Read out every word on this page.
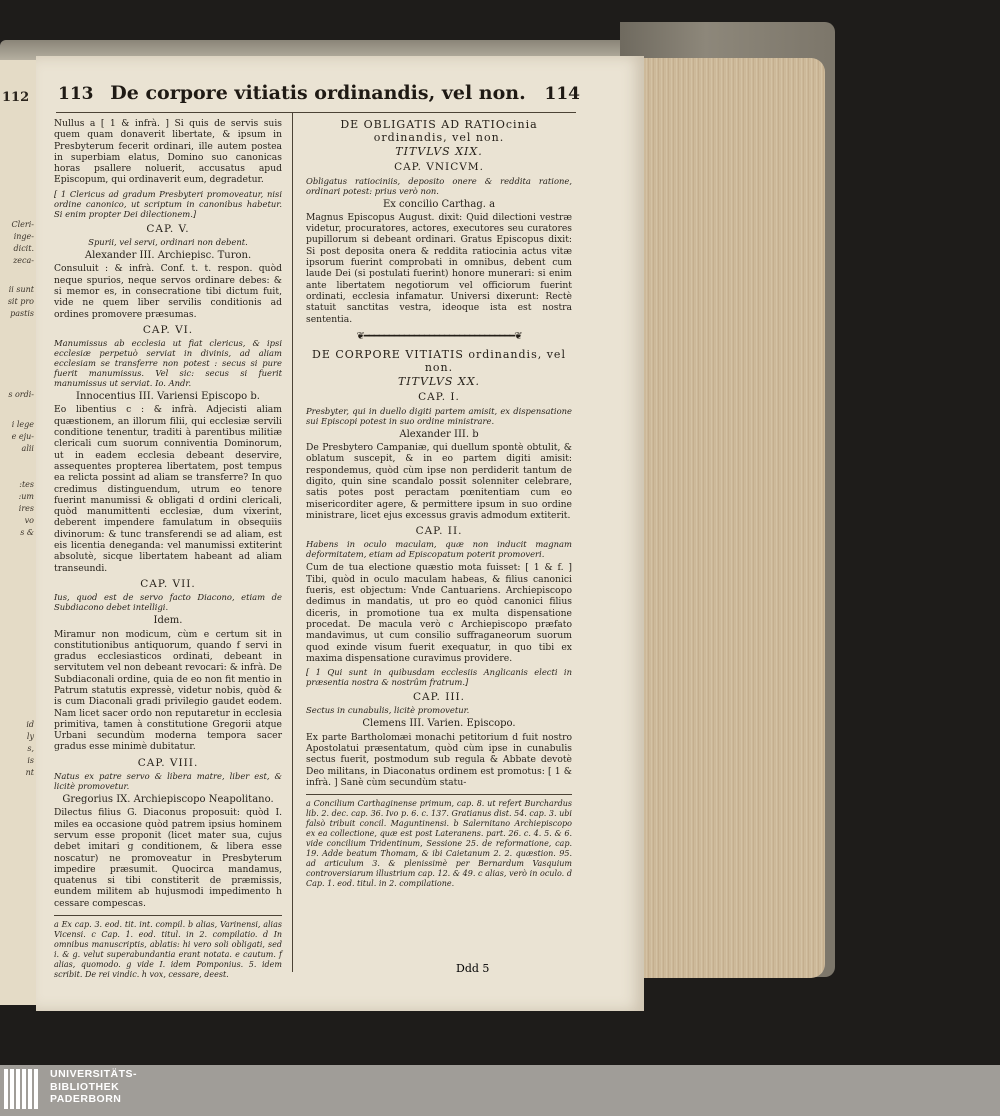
112
Cleri-
inge-
dicit.
zeca-
ii sunt
sit pro
pastis
s ordi-
i lege
e eju-
alii
:tes
:um
ires
vo
s &
id
ly
s,
is
nt
113 De corpore vitiatis ordinandis, vel non.	114

Nullus a [ 1 & infrà. ] Si quis de servis suis quem quam donaverit libertate, & ipsum in Presbyterum fecerit ordinari, ille autem postea in superbiam elatus, Domino suo canonicas horas psallere noluerit, accusatus apud Episcopum, qui ordinaverit eum, degradetur.

[ 1 Clericus ad gradum Presbyteri promoveatur, nisi ordine canonico, ut scriptum in canonibus habetur. Si enim propter Dei dilectionem.]

CAP. V.

Spurii, vel servi, ordinari non debent.

Alexander III. Archiepisc. Turon.

Consuluit : & infrà. Conf. t. t. respon. quòd neque spurios, neque servos ordinare debes: & si memor es, in consecratione tibi dictum fuit, vide ne quem liber servilis conditionis ad ordines promovere præsumas.

CAP. VI.

Manumissus ab ecclesia ut fiat clericus, & ipsi ecclesiæ perpetuò serviat in divinis, ad aliam ecclesiam se transferre non potest : secus si pure fuerit manumissus. Vel sic: secus si fuerit manumissus ut serviat. Io. Andr.

Innocentius III. Variensi Episcopo b.

Eo libentius c : & infrà. Adjecisti aliam quæstionem, an illorum filii, qui ecclesiæ servili conditione tenentur, traditi à parentibus militiæ clericali cum suorum conniventia Dominorum, ut in eadem ecclesia debeant deservire, assequentes propterea libertatem, post tempus ea relicta possint ad aliam se transferre? In quo credimus distinguendum, utrum eo tenore fuerint manumissi & obligati d ordini clericali, quòd manumittenti ecclesiæ, dum vixerint, deberent impendere famulatum in obsequiis divinorum: & tunc transferendi se ad aliam, est eis licentia deneganda: vel manumissi extiterint absolutè, sicque libertatem habeant ad aliam transeundi.

CAP. VII.

Ius, quod est de servo facto Diacono, etiam de Subdiacono debet intelligi.

Idem.

Miramur non modicum, cùm e certum sit in constitutionibus antiquorum, quando f servi in gradus ecclesiasticos ordinati, debeant in servitutem vel non debeant revocari: & infrà. De Subdiaconali ordine, quia de eo non fit mentio in Patrum statutis expressè, videtur nobis, quòd & is cum Diaconali gradi privilegio gaudet eodem. Nam licet sacer ordo non reputaretur in ecclesia primitiva, tamen à constitutione Gregorii atque Urbani secundùm moderna tempora sacer gradus esse minimè dubitatur.

CAP. VIII.

Natus ex patre servo & libera matre, liber est, & licitè promovetur.

Gregorius IX. Archiepiscopo Neapolitano.

Dilectus filius G. Diaconus proposuit: quòd I. miles ea occasione quòd patrem ipsius hominem servum esse proponit (licet mater sua, cujus debet imitari g conditionem, & libera esse noscatur) ne promoveatur in Presbyterum impedire præsumit. Quocirca mandamus, quatenus si tibi constiterit de præmissis, eundem militem ab hujusmodi impedimento h cessare compescas.

a Ex cap. 3. eod. tit. int. compil. b alias, Varinensi, alias Vicensi. c Cap. 1. eod. titul. in 2. compilatio. d In omnibus manuscriptis, ablatis: hi vero soli obligati, sed i. & g. velut superabundantia erant notata. e cautum. f alias, quomodo. g vide I. idem Pomponius. 5. idem scribit. De rei vindic. h vox, cessare, deest.

DE OBLIGATIS AD RATIOcinia ordinandis, vel non.

TITVLVS XIX.
CAP. VNICVM.

Obligatus ratiociniis, deposito onere & reddita ratione, ordinari potest: prius verò non.

Ex concilio Carthag. a

Magnus Episcopus August. dixit: Quid dilectioni vestræ videtur, procuratores, actores, executores seu curatores pupillorum si debeant ordinari. Gratus Episcopus dixit: Si post deposita onera & reddita ratiocinia actus vitæ ipsorum fuerint comprobati in omnibus, debent cum laude Dei (si postulati fuerint) honore munerari: si enim ante libertatem negotiorum vel officiorum fuerint ordinati, ecclesia infamatur. Universi dixerunt: Rectè statuit sanctitas vestra, ideoque ista est nostra sententia.

❦━━━━━━━━━━━━━━━━━━━━━━━━━━━━━━❦

DE CORPORE VITIATIS ordinandis, vel non.

TITVLVS XX.
CAP. I.

Presbyter, qui in duello digiti partem amisit, ex dispensatione sui Episcopi potest in suo ordine ministrare.

Alexander III. b

De Presbytero Campaniæ, qui duellum spontè obtulit, & oblatum suscepit, & in eo partem digiti amisit: respondemus, quòd cùm ipse non perdiderit tantum de digito, quin sine scandalo possit solenniter celebrare, satis potes post peractam pœnitentiam cum eo misericorditer agere, & permittere ipsum in suo ordine ministrare, licet ejus excessus gravis admodum extiterit.

CAP. II.

Habens in oculo maculam, quæ non inducit magnam deformitatem, etiam ad Episcopatum poterit promoveri.

Cum de tua electione quæstio mota fuisset: [ 1 & f. ] Tibi, quòd in oculo maculam habeas, & filius canonici fueris, est objectum: Vnde Cantuariens. Archiepiscopo dedimus in mandatis, ut pro eo quòd canonici filius diceris, in promotione tua ex multa dispensatione procedat. De macula verò c Archiepiscopo præfato mandavimus, ut cum consilio suffraganeorum suorum quod exinde visum fuerit exequatur, in quo tibi ex maxima dispensatione curavimus providere.

[ 1 Qui sunt in quibusdam ecclesiis Anglicanis electi in præsentia nostra & nostrûm fratrum.]

CAP. III.

Sectus in cunabulis, licitè promovetur.

Clemens III. Varien. Episcopo.

Ex parte Bartholomæi monachi petitorium d fuit nostro Apostolatui præsentatum, quòd cùm ipse in cunabulis sectus fuerit, postmodum sub regula & Abbate devotè Deo militans, in Diaconatus ordinem est promotus: [ 1 & infrà. ] Sanè cùm secundùm statu-

a Concilium Carthaginense primum, cap. 8. ut refert Burchardus lib. 2. dec. cap. 36. Ivo p. 6. c. 137. Gratianus dist. 54. cap. 3. ubi falsò tribuit concil. Maguntinensi. b Salernitano Archiepiscopo ex ea collectione, quæ est post Lateranens. part. 26. c. 4. 5. & 6. vide concilium Tridentinum, Sessione 25. de reformatione, cap. 19. Adde beatum Thomam, & ibi Caietanum 2. 2. quæstion. 95. ad articulum 3. & plenissimè per Bernardum Vasquium controversiarum illustrium cap. 12. & 49. c alias, verò in oculo. d Cap. 1. eod. titul. in 2. compilatione.

Ddd 5
UNIVERSITÄTS-
BIBLIOTHEK
PADERBORN
